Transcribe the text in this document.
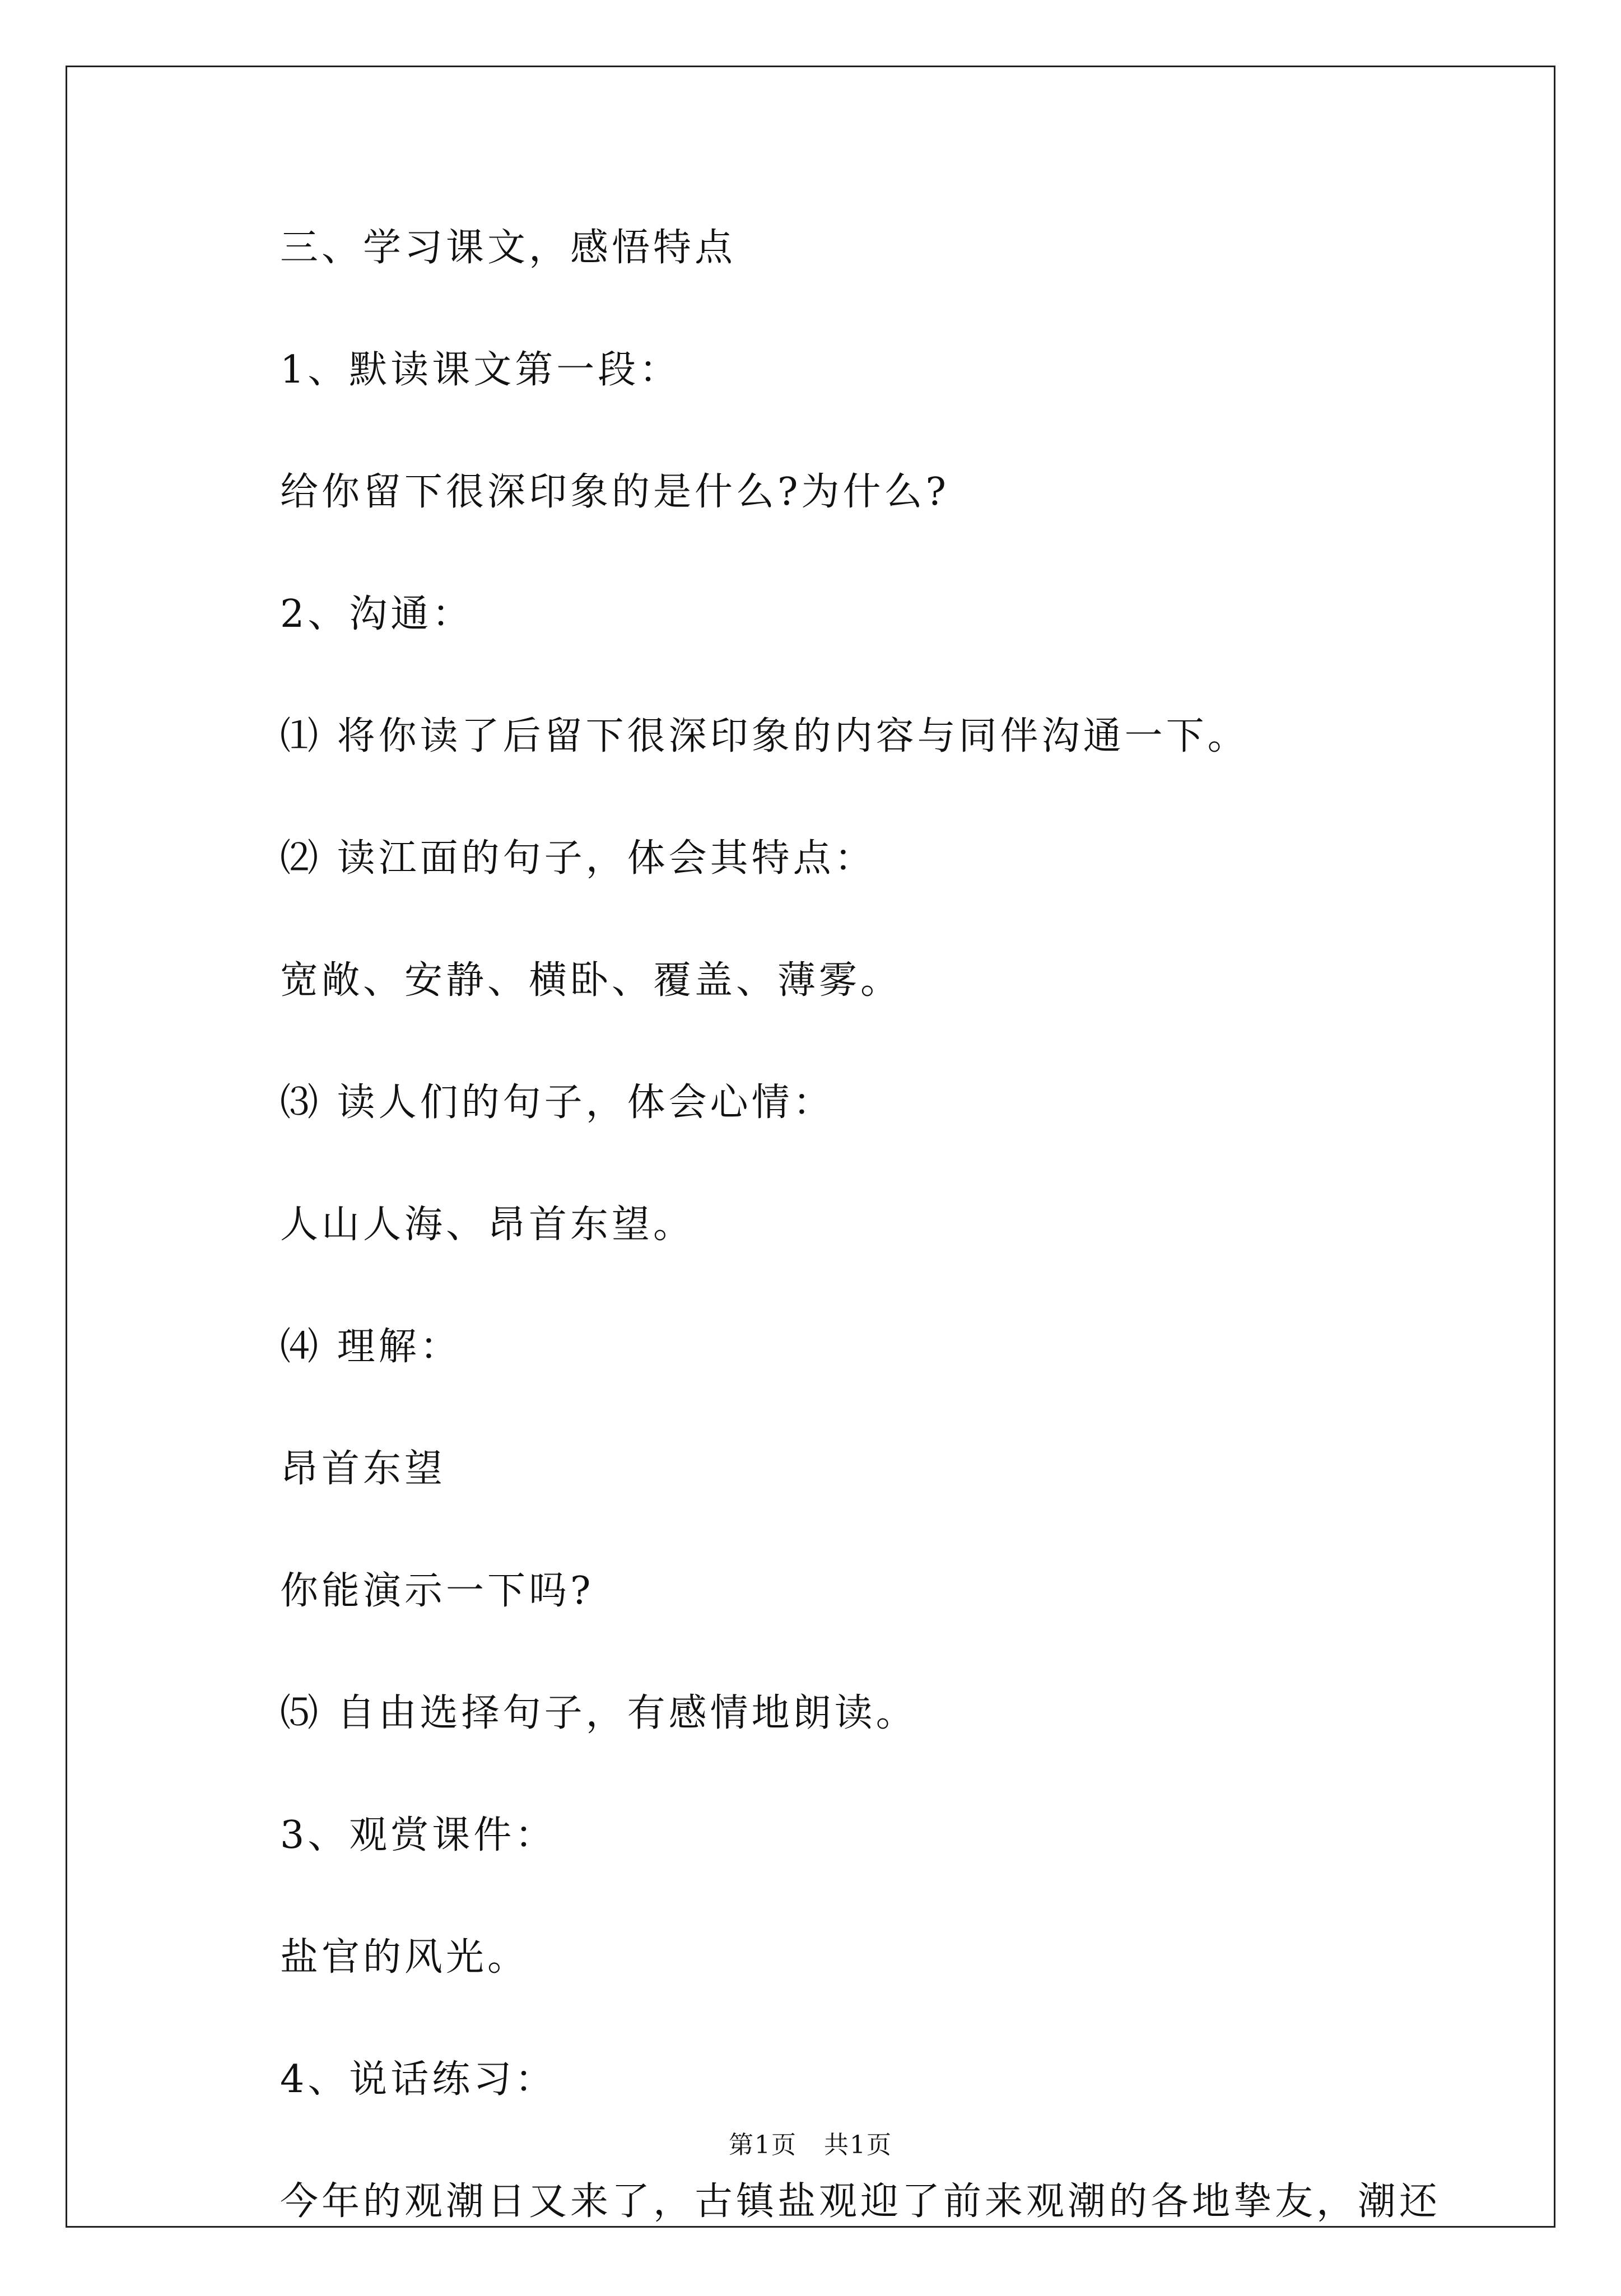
三、学习课文，感悟特点
1、默读课文第一段：
给你留下很深印象的是什么?为什么?
2、沟通：
⑴ 将你读了后留下很深印象的内容与同伴沟通一下。
⑵ 读江面的句子，体会其特点：
宽敞、安静、横卧、覆盖、薄雾。
⑶ 读人们的句子，体会心情：
人山人海、昂首东望。
⑷ 理解：
昂首东望
你能演示一下吗?
⑸ 自由选择句子，有感情地朗读。
3、观赏课件：
盐官的风光。
4、说话练习：
今年的观潮日又来了，古镇盐观迎了前来观潮的各地挚友，潮还
第1页 共1页
